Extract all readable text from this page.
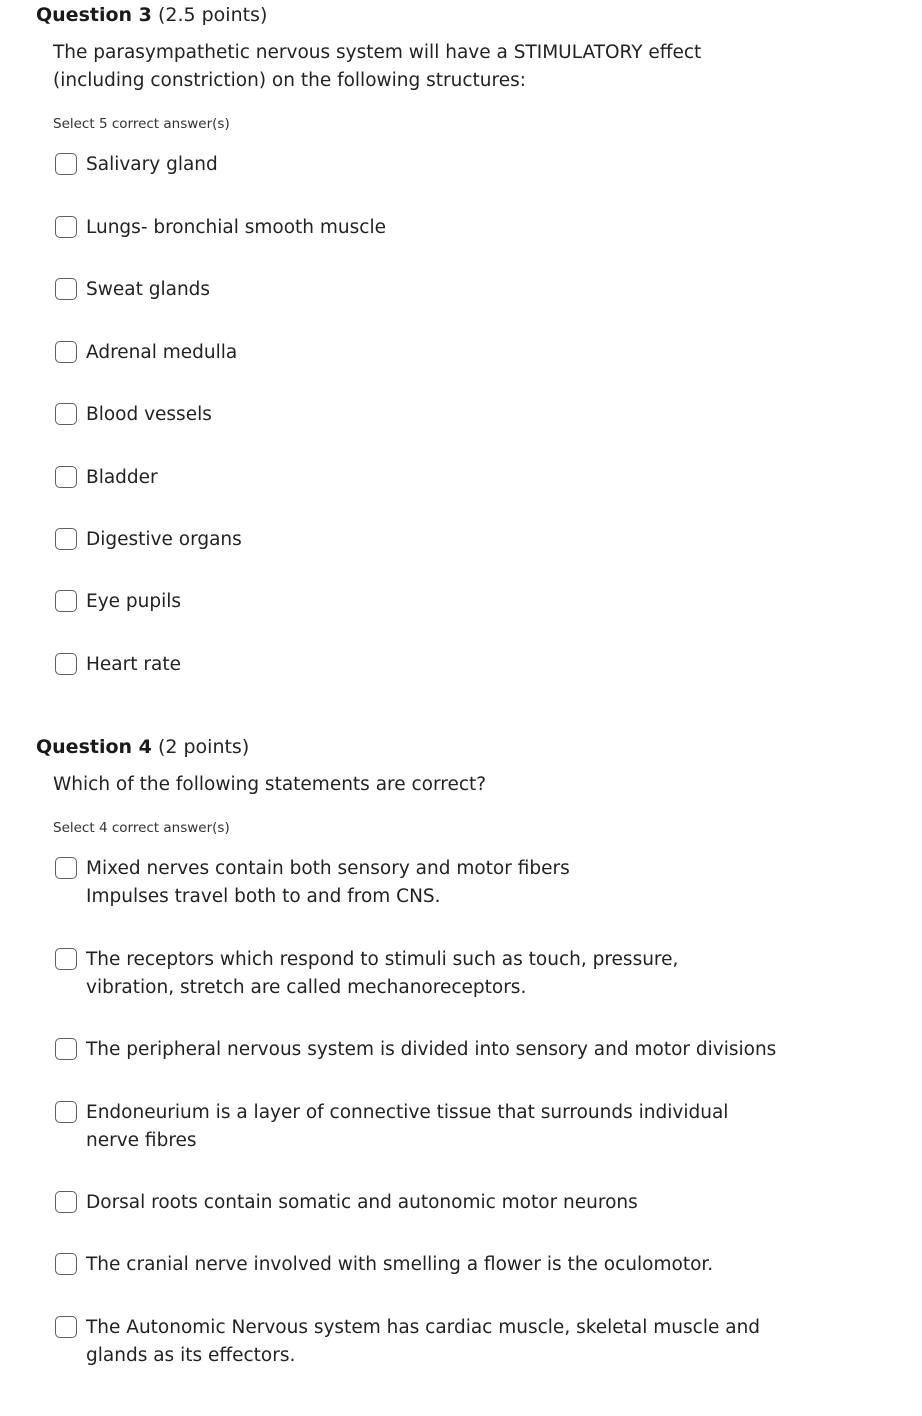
Question 3 (2.5 points)
The parasympathetic nervous system will have a STIMULATORY effect (including constriction) on the following structures:
Select 5 correct answer(s)
Salivary gland
Lungs- bronchial smooth muscle
Sweat glands
Adrenal medulla
Blood vessels
Bladder
Digestive organs
Eye pupils
Heart rate
Question 4 (2 points)
Which of the following statements are correct?
Select 4 correct answer(s)
Mixed nerves contain both sensory and motor fibers
Impulses travel both to and from CNS.
The receptors which respond to stimuli such as touch, pressure, vibration, stretch are called mechanoreceptors.
The peripheral nervous system is divided into sensory and motor divisions
Endoneurium is a layer of connective tissue that surrounds individual nerve fibres
Dorsal roots contain somatic and autonomic motor neurons
The cranial nerve involved with smelling a flower is the oculomotor.
The Autonomic Nervous system has cardiac muscle, skeletal muscle and glands as its effectors.
